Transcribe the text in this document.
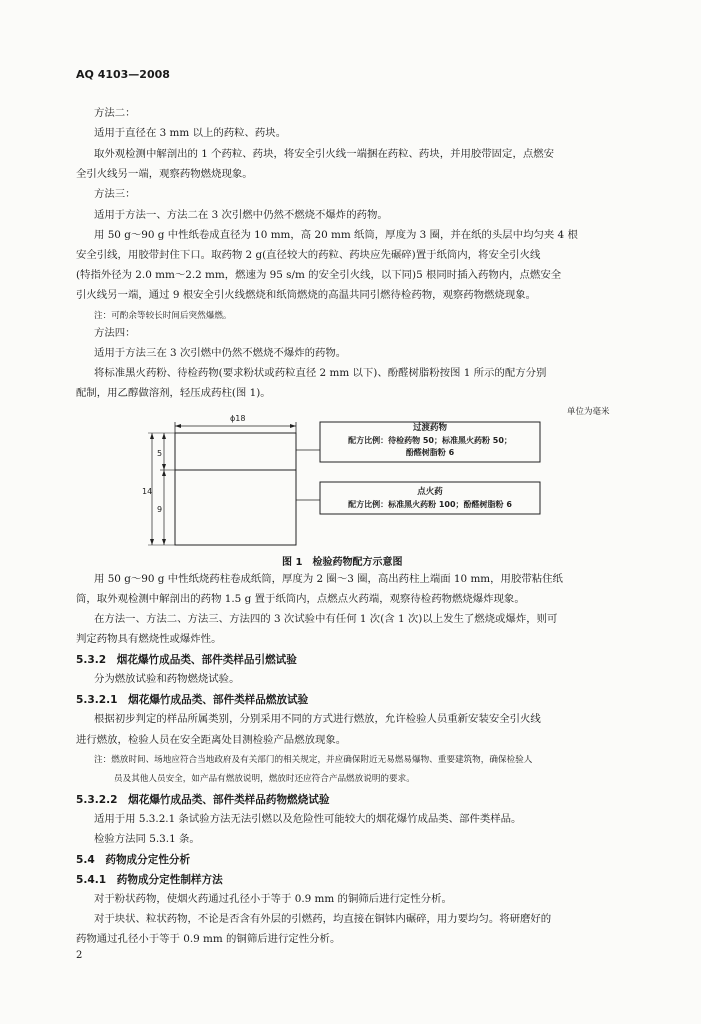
AQ 4103—2008
方法二：
适用于直径在 3 mm 以上的药粒、药块。
取外观检测中解剖出的 1 个药粒、药块，将安全引火线一端捆在药粒、药块，并用胶带固定，点燃安
全引火线另一端，观察药物燃烧现象。
方法三：
适用于方法一、方法二在 3 次引燃中仍然不燃烧不爆炸的药物。
用 50 g～90 g 中性纸卷成直径为 10 mm，高 20 mm 纸筒，厚度为 3 圈，并在纸的头层中均匀夹 4 根
安全引线，用胶带封住下口。取药物 2 g(直径较大的药粒、药块应先碾碎)置于纸筒内，将安全引火线
(特指外径为 2.0 mm～2.2 mm，燃速为 95 s/m 的安全引火线，以下同)5 根同时插入药物内，点燃安全
引火线另一端，通过 9 根安全引火线燃烧和纸筒燃烧的高温共同引燃待检药物，观察药物燃烧现象。
注：可酌余等较长时间后突然爆燃。
方法四：
适用于方法三在 3 次引燃中仍然不燃烧不爆炸的药物。
将标准黑火药粉、待检药物(要求粉状或药粒直径 2 mm 以下)、酚醛树脂粉按图 1 所示的配方分别
配制，用乙醇做溶剂，轻压成药柱(图 1)。
单位为毫米
ϕ18
5
9
14
过渡药物
配方比例：待检药物 50；标准黑火药粉 50；
酚醛树脂粉 6
点火药
配方比例：标准黑火药粉 100；酚醛树脂粉 6
图 1　检验药物配方示意图
用 50 g～90 g 中性纸烧药柱卷成纸筒，厚度为 2 圈～3 圈，高出药柱上端面 10 mm，用胶带粘住纸
筒，取外观检测中解剖出的药物 1.5 g 置于纸筒内，点燃点火药端，观察待检药物燃烧爆炸现象。
在方法一、方法二、方法三、方法四的 3 次试验中有任何 1 次(含 1 次)以上发生了燃烧或爆炸，则可
判定药物具有燃烧性或爆炸性。
5.3.2　烟花爆竹成品类、部件类样品引燃试验
分为燃放试验和药物燃烧试验。
5.3.2.1　烟花爆竹成品类、部件类样品燃放试验
根据初步判定的样品所属类别，分别采用不同的方式进行燃放，允许检验人员重新安装安全引火线
进行燃放，检验人员在安全距离处目测检验产品燃放现象。
注：燃放时间、场地应符合当地政府及有关部门的相关规定，并应确保附近无易燃易爆物、重要建筑物，确保检验人
员及其他人员安全，如产品有燃放说明，燃放时还应符合产品燃放说明的要求。
5.3.2.2　烟花爆竹成品类、部件类样品药物燃烧试验
适用于用 5.3.2.1 条试验方法无法引燃以及危险性可能较大的烟花爆竹成品类、部件类样品。
检验方法同 5.3.1 条。
5.4　药物成分定性分析
5.4.1　药物成分定性制样方法
对于粉状药物，使烟火药通过孔径小于等于 0.9 mm 的铜筛后进行定性分析。
对于块状、粒状药物，不论是否含有外层的引燃药，均直接在铜钵内碾碎，用力要均匀。将研磨好的
药物通过孔径小于等于 0.9 mm 的铜筛后进行定性分析。
2
